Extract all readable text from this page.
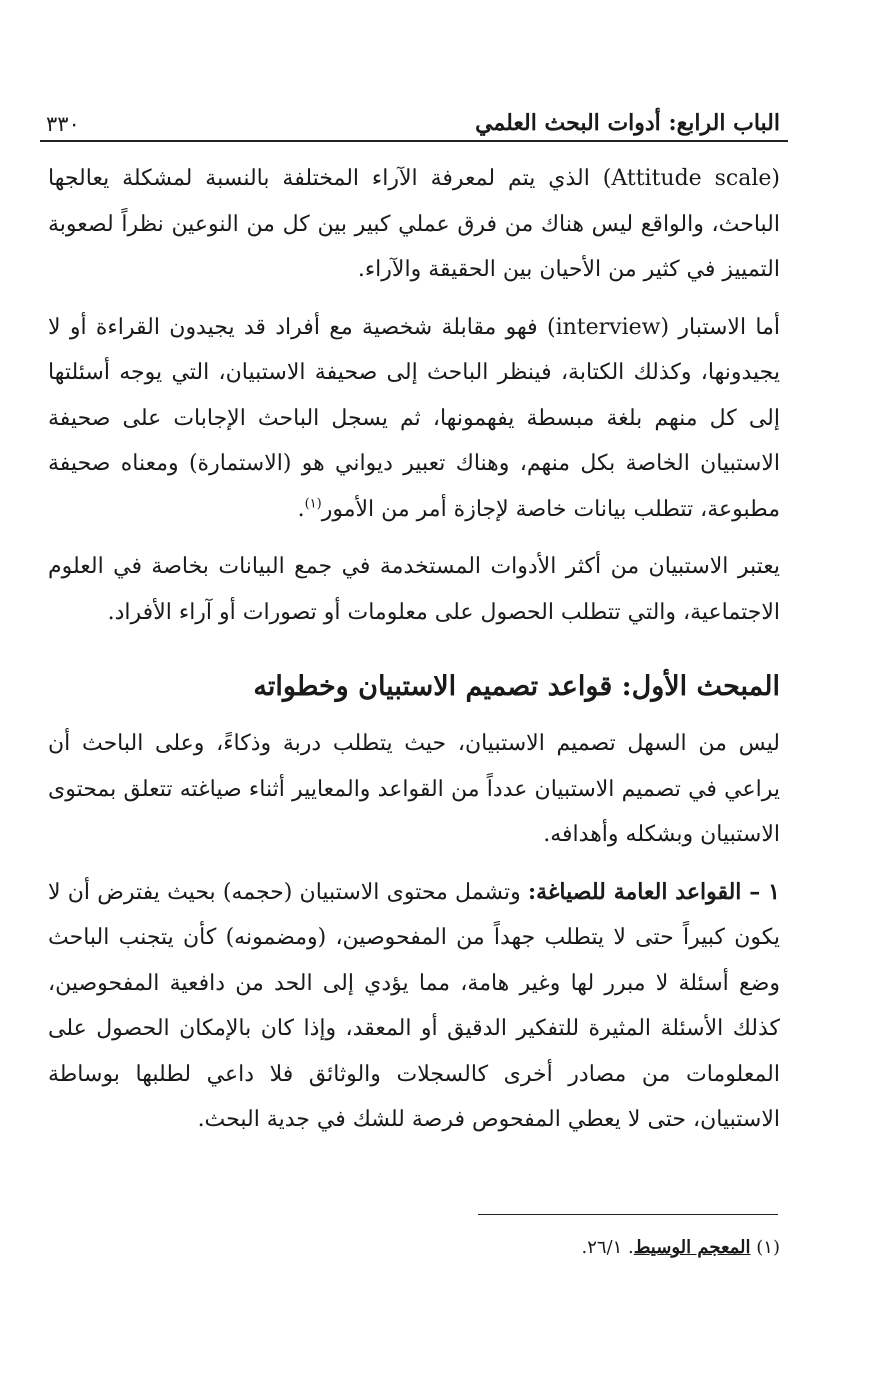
٣٣٠	الباب الرابع: أدوات البحث العلمي

(Attitude scale) الذي يتم لمعرفة الآراء المختلفة بالنسبة لمشكلة يعالجها الباحث، والواقع ليس هناك من فرق عملي كبير بين كل من النوعين نظراً لصعوبة التمييز في كثير من الأحيان بين الحقيقة والآراء.

أما الاستبار (interview) فهو مقابلة شخصية مع أفراد قد يجيدون القراءة أو لا يجيدونها، وكذلك الكتابة، فينظر الباحث إلى صحيفة الاستبيان، التي يوجه أسئلتها إلى كل منهم بلغة مبسطة يفهمونها، ثم يسجل الباحث الإجابات على صحيفة الاستبيان الخاصة بكل منهم، وهناك تعبير ديواني هو (الاستمارة) ومعناه صحيفة مطبوعة، تتطلب بيانات خاصة لإجازة أمر من الأمور$^{(١)}$.

يعتبر الاستبيان من أكثر الأدوات المستخدمة في جمع البيانات بخاصة في العلوم الاجتماعية، والتي تتطلب الحصول على معلومات أو تصورات أو آراء الأفراد.

المبحث الأول: قواعد تصميم الاستبيان وخطواته

ليس من السهل تصميم الاستبيان، حيث يتطلب دربة وذكاءً، وعلى الباحث أن يراعي في تصميم الاستبيان عدداً من القواعد والمعايير أثناء صياغته تتعلق بمحتوى الاستبيان وبشكله وأهدافه.

١ – القواعد العامة للصياغة: وتشمل محتوى الاستبيان (حجمه) بحيث يفترض أن لا يكون كبيراً حتى لا يتطلب جهداً من المفحوصين، (ومضمونه) كأن يتجنب الباحث وضع أسئلة لا مبرر لها وغير هامة، مما يؤدي إلى الحد من دافعية المفحوصين، كذلك الأسئلة المثيرة للتفكير الدقيق أو المعقد، وإذا كان بالإمكان الحصول على المعلومات من مصادر أخرى كالسجلات والوثائق فلا داعي لطلبها بوساطة الاستبيان، حتى لا يعطي المفحوص فرصة للشك في جدية البحث.

(١) المعجم الوسيط. ٢٦/١.
